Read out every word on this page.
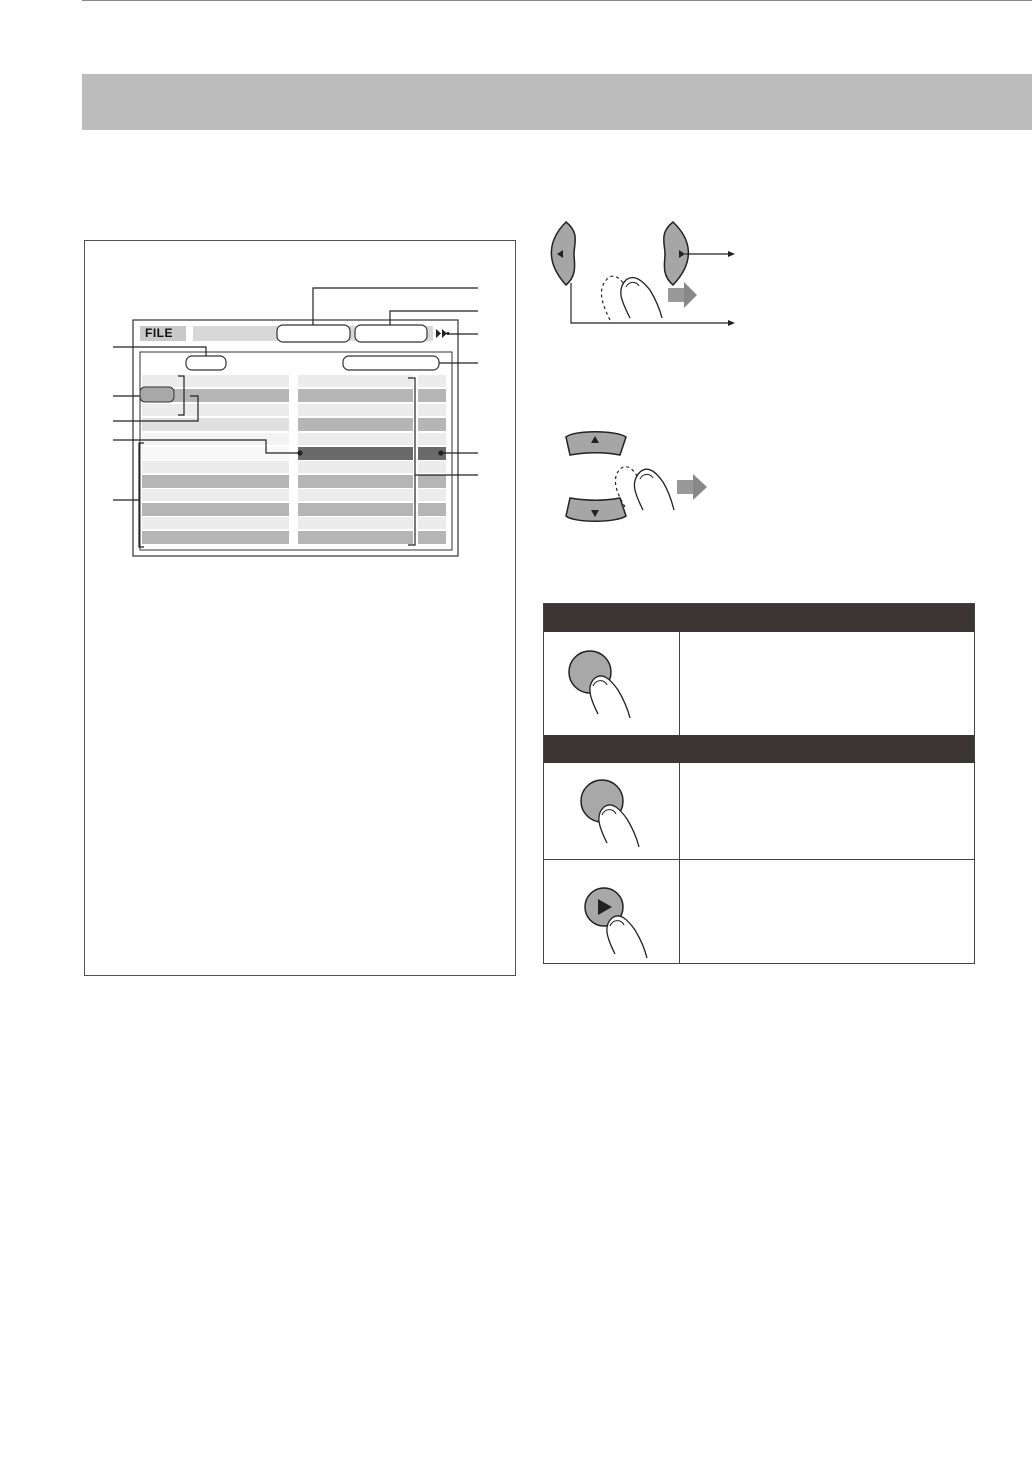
FILE
